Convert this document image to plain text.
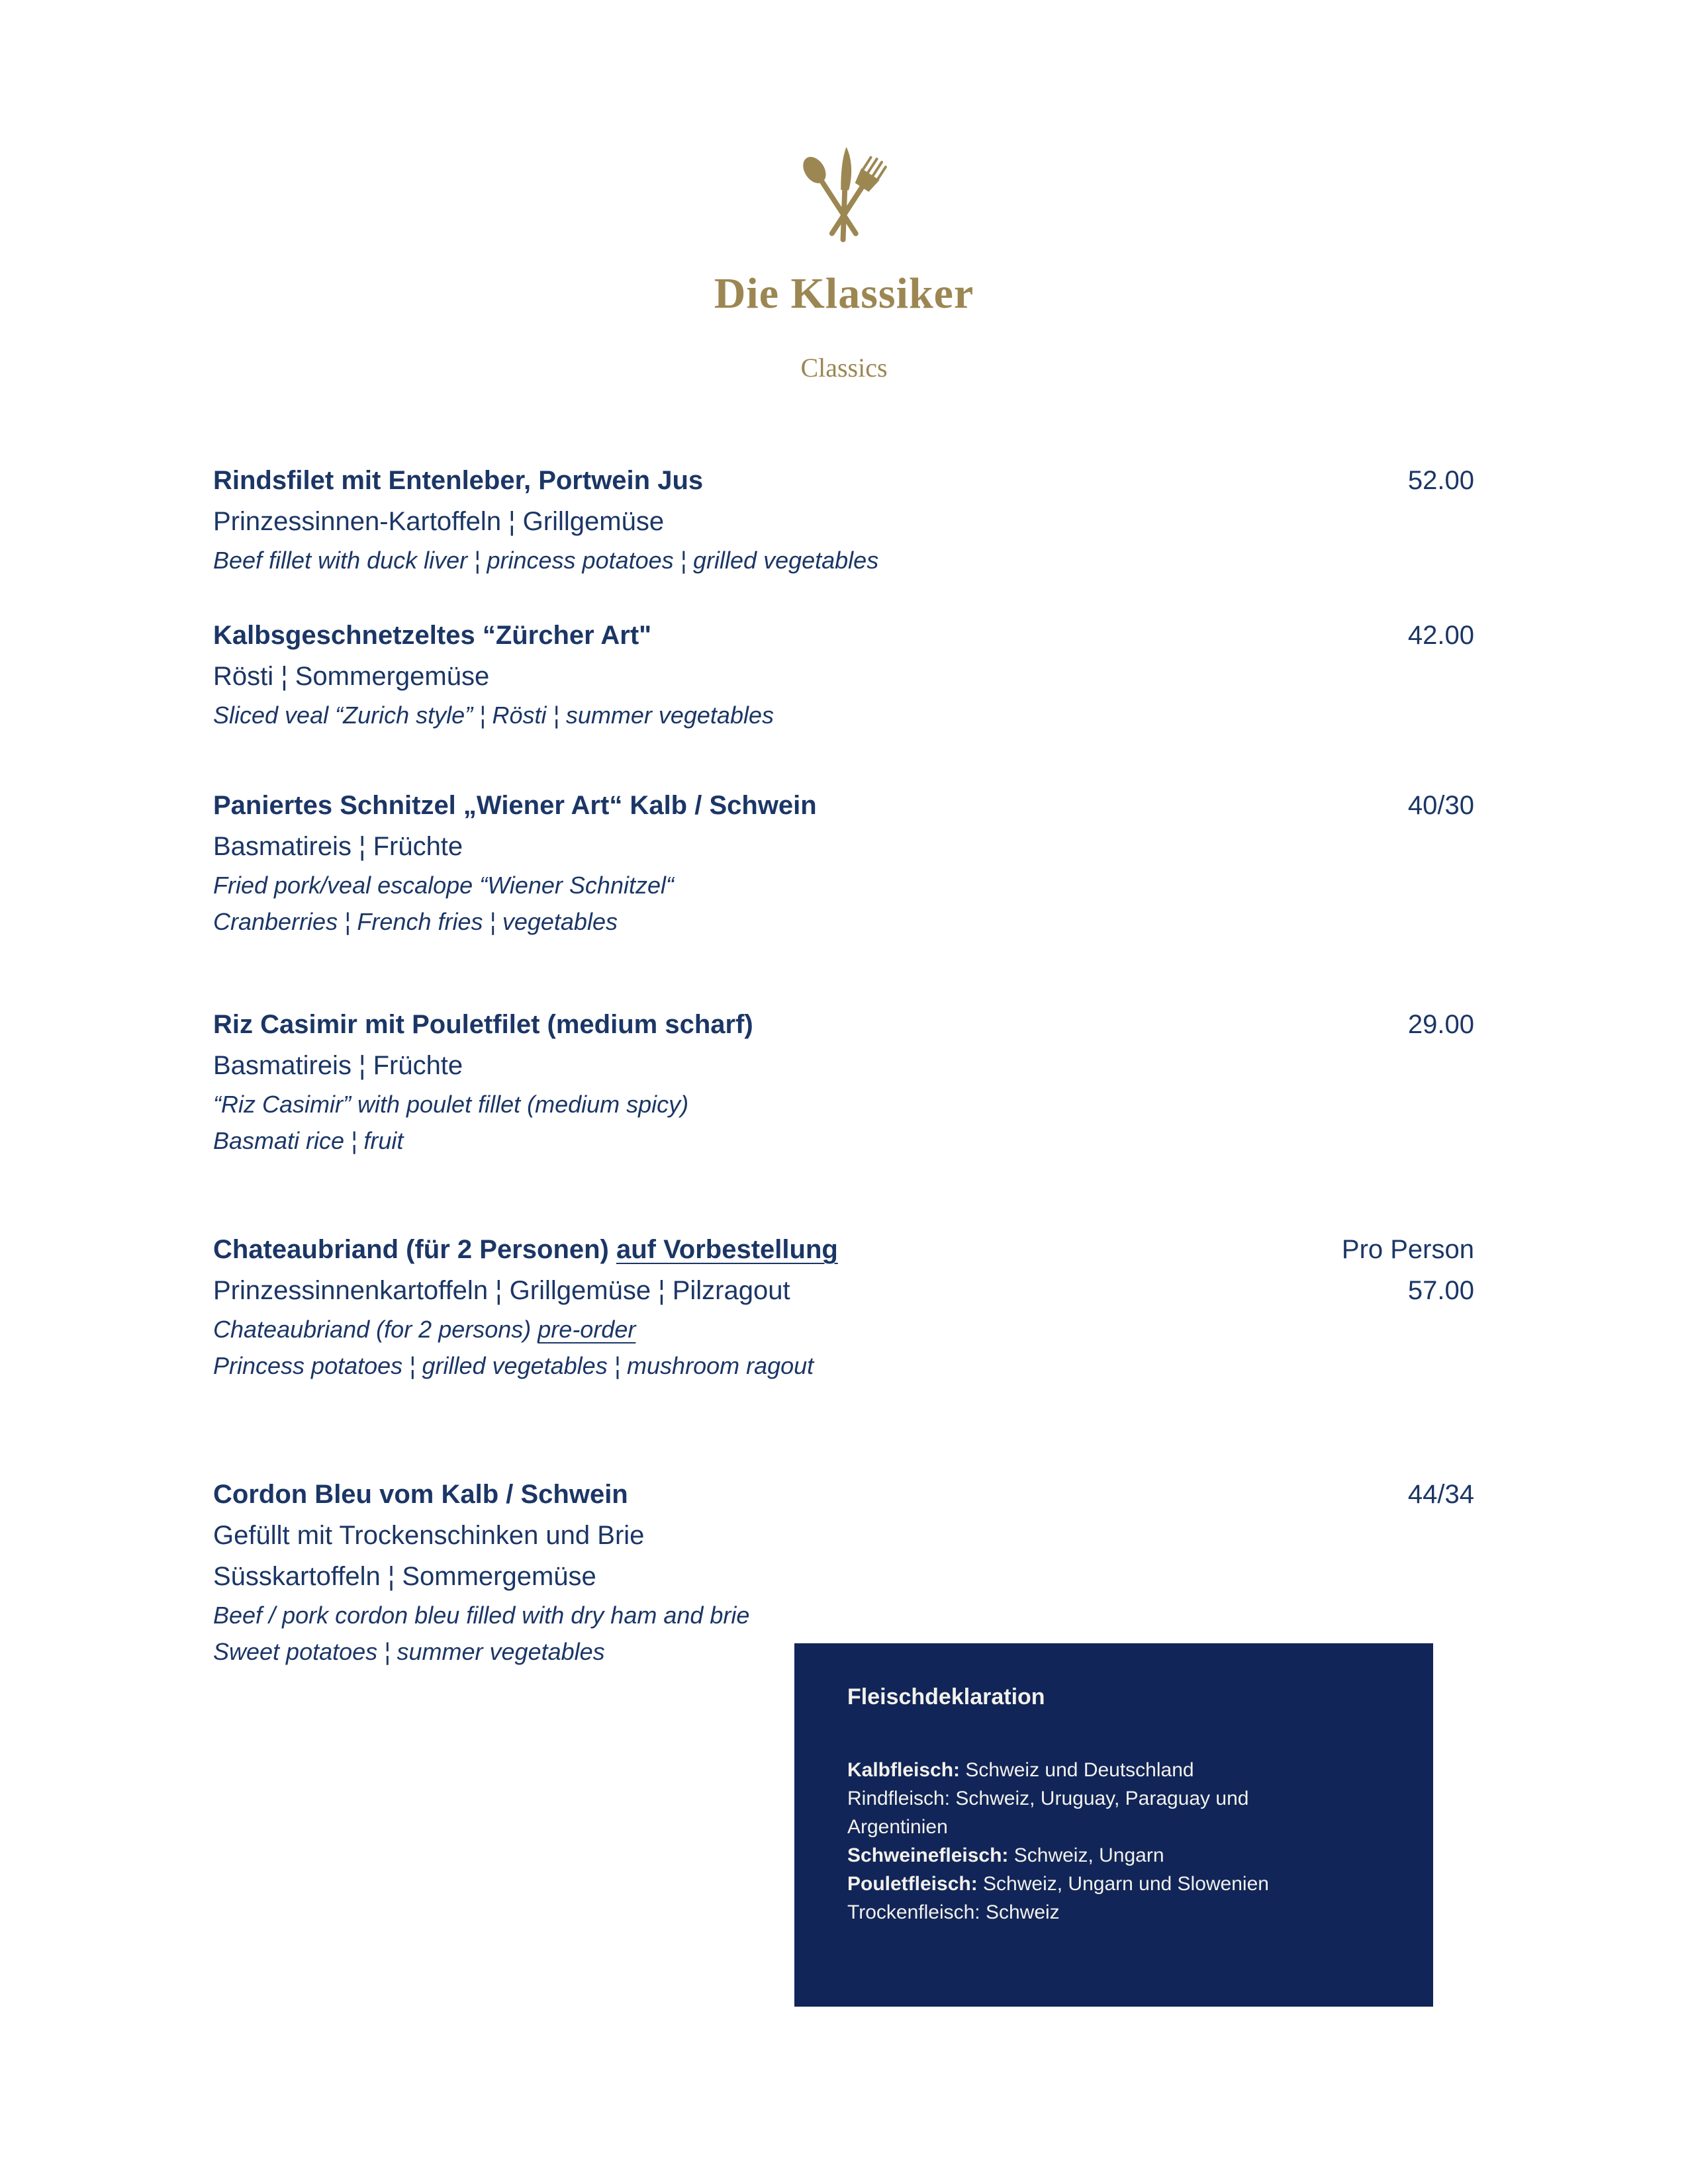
Die Klassiker
Classics
Rindsfilet mit Entenleber, Portwein Jus
Prinzessinnen-Kartoffeln ¦ Grillgemüse
Beef fillet with duck liver ¦ princess potatoes ¦ grilled vegetables
52.00
Kalbsgeschnetzeltes “Zürcher Art"
Rösti ¦ Sommergemüse
Sliced veal “Zurich style” ¦ Rösti ¦ summer vegetables
42.00
Paniertes Schnitzel „Wiener Art“ Kalb / Schwein
Basmatireis ¦ Früchte
Fried pork/veal escalope “Wiener Schnitzel“
Cranberries ¦ French fries ¦ vegetables
40/30
Riz Casimir mit Pouletfilet (medium scharf)
Basmatireis ¦ Früchte
“Riz Casimir” with poulet fillet (medium spicy)
Basmati rice ¦ fruit
29.00
Chateaubriand (für 2 Personen) auf Vorbestellung
Prinzessinnenkartoffeln ¦ Grillgemüse ¦ Pilzragout
Chateaubriand (for 2 persons) pre-order
Princess potatoes ¦ grilled vegetables ¦ mushroom ragout
Pro Person
57.00
Cordon Bleu vom Kalb / Schwein
Gefüllt mit Trockenschinken und Brie
Süsskartoffeln ¦ Sommergemüse
Beef / pork cordon bleu filled with dry ham and brie
Sweet potatoes ¦ summer vegetables
44/34
Fleischdeklaration
Kalbfleisch: Schweiz und Deutschland
Rindfleisch: Schweiz, Uruguay, Paraguay und
Argentinien
Schweinefleisch: Schweiz, Ungarn
Pouletfleisch: Schweiz, Ungarn und Slowenien
Trockenfleisch: Schweiz
